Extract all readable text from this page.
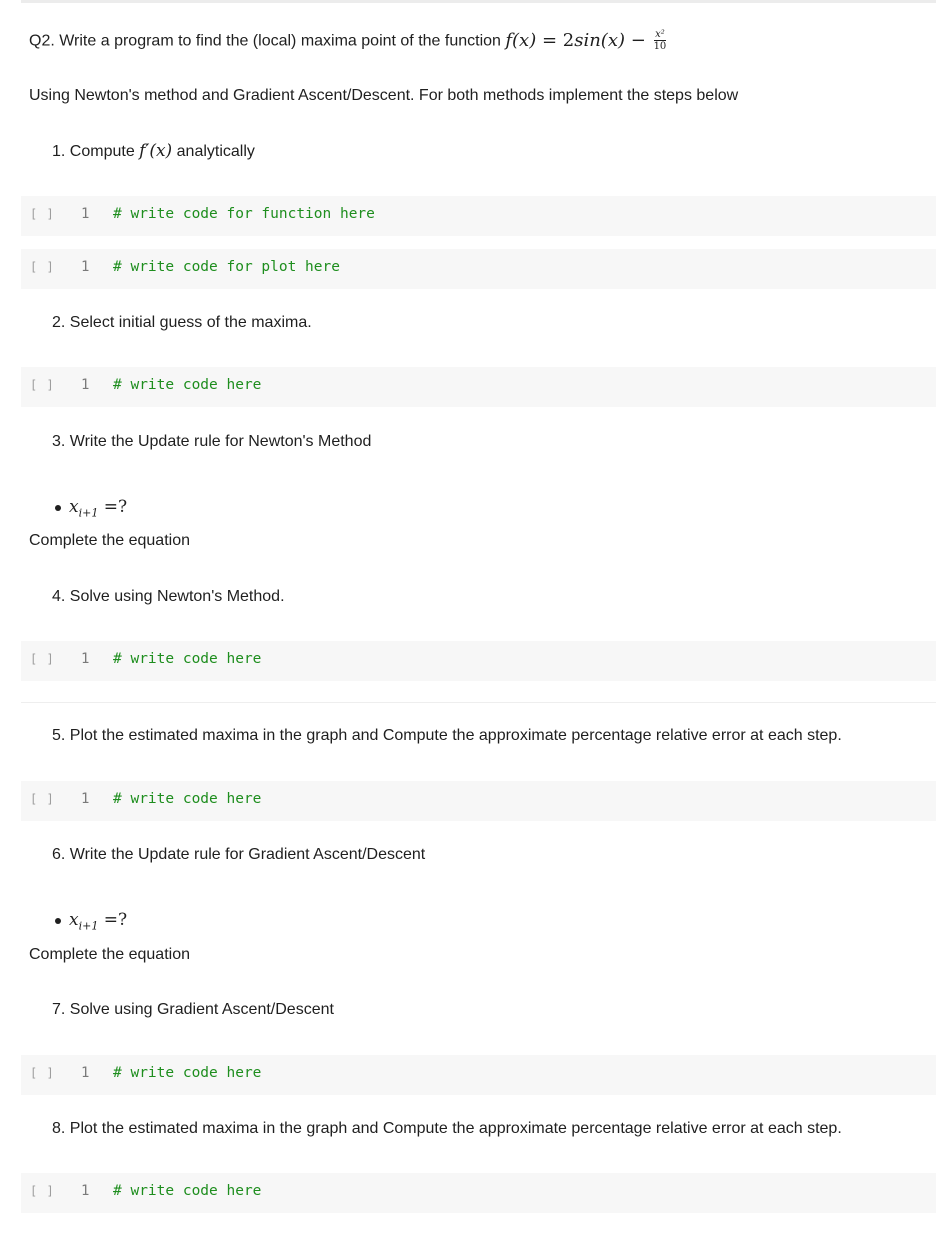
Q2. Write a program to find the (local) maxima point of the function $f(x) = 2\sin(x) - \frac{\text{x²}}{10}$
Using Newton's method and Gradient Ascent/Descent. For both methods implement the steps below
1. Compute f′(x) analytically
[ ] 1 # write code for function here
[ ] 1 # write code for plot here
2. Select initial guess of the maxima.
[ ] 1 # write code here
3. Write the Update rule for Newton's Method
$x_{i+1}$ =?
Complete the equation
4. Solve using Newton's Method.
[ ] 1 # write code here
5. Plot the estimated maxima in the graph and Compute the approximate percentage relative error at each step.
[ ] 1 # write code here
6. Write the Update rule for Gradient Ascent/Descent
$x_{i+1}$ =?
Complete the equation
7. Solve using Gradient Ascent/Descent
[ ] 1 # write code here
8. Plot the estimated maxima in the graph and Compute the approximate percentage relative error at each step.
[ ] 1 # write code here
